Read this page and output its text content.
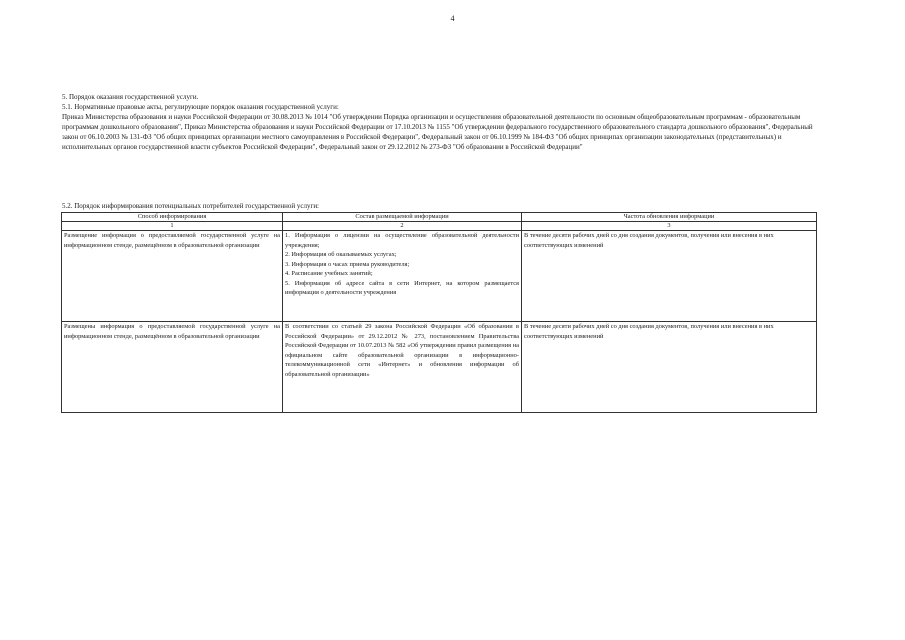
4

5. Порядок оказания государственной услуги.

5.1. Нормативные правовые акты, регулирующие порядок оказания государственной услуги:

Приказ Министерства образования и науки Российской Федерации от 30.08.2013 № 1014 "Об утверждении Порядка организации и осуществления образовательной деятельности по основным общеобразовательным программам - образовательным программам дошкольного образования", Приказ Министерства образования и науки Российской Федерации от 17.10.2013 № 1155 "Об утверждении федерального государственного образовательного стандарта дошкольного образования", Федеральный закон от 06.10.2003 № 131-ФЗ "Об общих принципах организации местного самоуправления в Российской Федерации", Федеральный закон от 06.10.1999 № 184-ФЗ "Об общих принципах организации законодательных (представительных) и исполнительных органов государственной власти субъектов Российской Федерации", Федеральный закон от 29.12.2012 № 273-ФЗ "Об образовании в Российской Федерации"

5.2. Порядок информирования потенциальных потребителей государственной услуги:
Способ информирования	Состав размещаемой информации	Частота обновления информации
1	2	3
Размещение информация о предоставляемой государственной услуге на информационном стенде, размещённом в образовательной организации	1. Информация о лицензии на осуществление образовательной деятельности учреждения;
2. Информация об оказываемых услугах;
3. Информация о часах приема руководителя;
4. Расписание учебных занятий;
5. Информация об адресе сайта в сети Интернет, на котором размещается информация о деятельности учреждения	В течение десяти рабочих дней со дня создания документов, получения или внесения в них соответствующих изменений
Размещены информация о предоставляемой государственной услуге на информационном стенде, размещённом в образовательной организации	В соответствии со статьей 29 закона Российской Федерации «Об образовании в Российской Федерации» от 29.12.2012 № 273, постановлением Правительства Российской Федерации от 10.07.2013 № 582 «Об утверждении правил размещения на официальном сайте образовательной организации в информационно-телекоммуникационной сети «Интернет» и обновления информации об образовательной организации»	В течение десяти рабочих дней со дня создания документов, получения или внесения в них соответствующих изменений
